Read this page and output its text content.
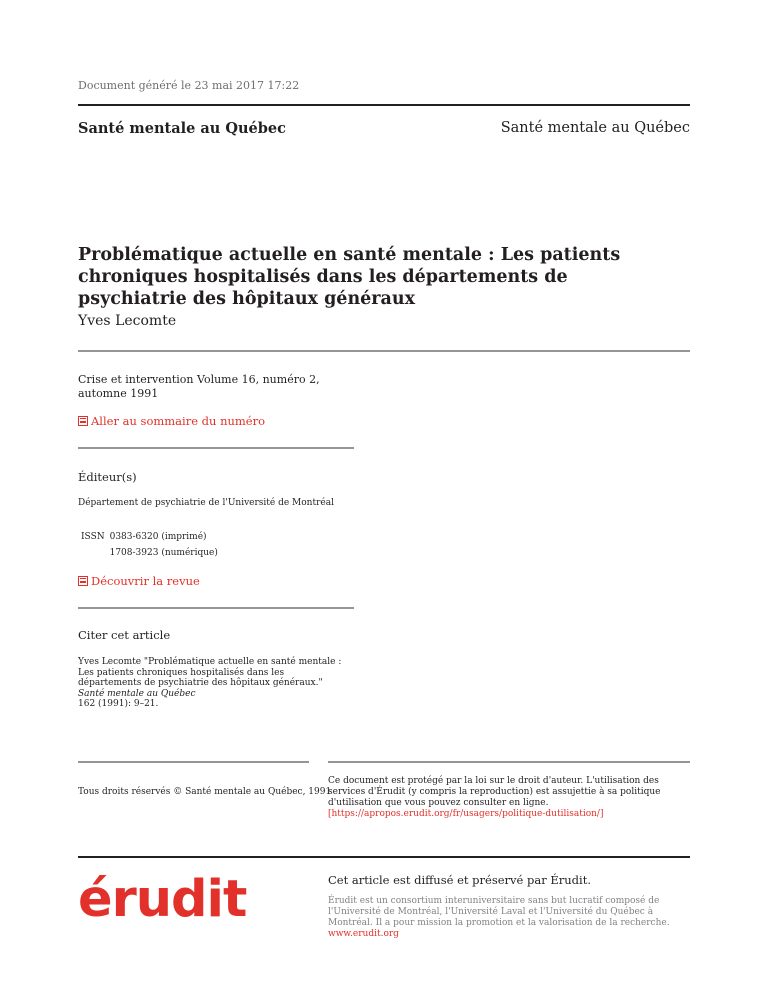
Document généré le 23 mai 2017 17:22
Santé mentale au Québec	Santé mentale au Québec
Problématique actuelle en santé mentale : Les patients chroniques hospitalisés dans les départements de psychiatrie des hôpitaux généraux
Yves Lecomte
Crise et intervention Volume 16, numéro 2, automne 1991
Aller au sommaire du numéro
Éditeur(s)
Département de psychiatrie de l'Université de Montréal
ISSN 0383-6320 (imprimé)
1708-3923 (numérique)
Découvrir la revue
Citer cet article
Yves Lecomte "Problématique actuelle en santé mentale : Les patients chroniques hospitalisés dans les départements de psychiatrie des hôpitaux généraux." Santé mentale au Québec
162 (1991): 9–21.
Tous droits réservés © Santé mentale au Québec, 1991
Ce document est protégé par la loi sur le droit d'auteur. L'utilisation des services d'Érudit (y compris la reproduction) est assujettie à sa politique d'utilisation que vous pouvez consulter en ligne. [https://apropos.erudit.org/fr/usagers/politique-dutilisation/]
érudit	Cet article est diffusé et préservé par Érudit.
Érudit est un consortium interuniversitaire sans but lucratif composé de l'Université de Montréal, l'Université Laval et l'Université du Québec à Montréal. Il a pour mission la promotion et la valorisation de la recherche. www.erudit.org
